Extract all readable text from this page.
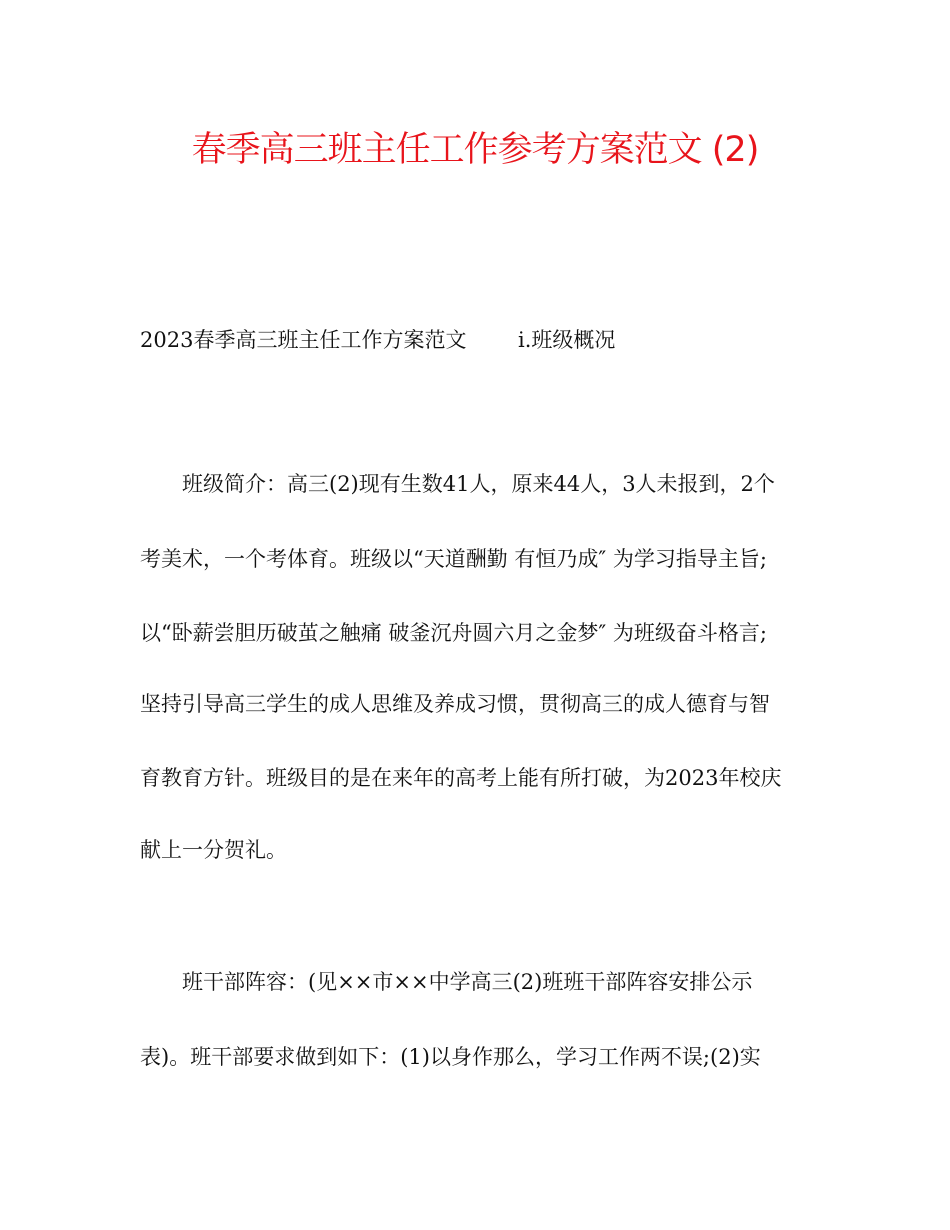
春季高三班主任工作参考方案范文 (2)
2023春季高三班主任工作方案范文 ⅰ.班级概况
班级简介：高三(2)现有生数41人，原来44人，3人未报到，2个
考美术，一个考体育。班级以“天道酬勤 有恒乃成″ 为学习指导主旨;
以“卧薪尝胆历破茧之触痛 破釜沉舟圆六月之金梦″ 为班级奋斗格言;
坚持引导高三学生的成人思维及养成习惯，贯彻高三的成人德育与智
育教育方针。班级目的是在来年的高考上能有所打破，为2023年校庆
献上一分贺礼。
班干部阵容：(见××市××中学高三(2)班班干部阵容安排公示
表)。班干部要求做到如下：(1)以身作那么，学习工作两不误;(2)实
